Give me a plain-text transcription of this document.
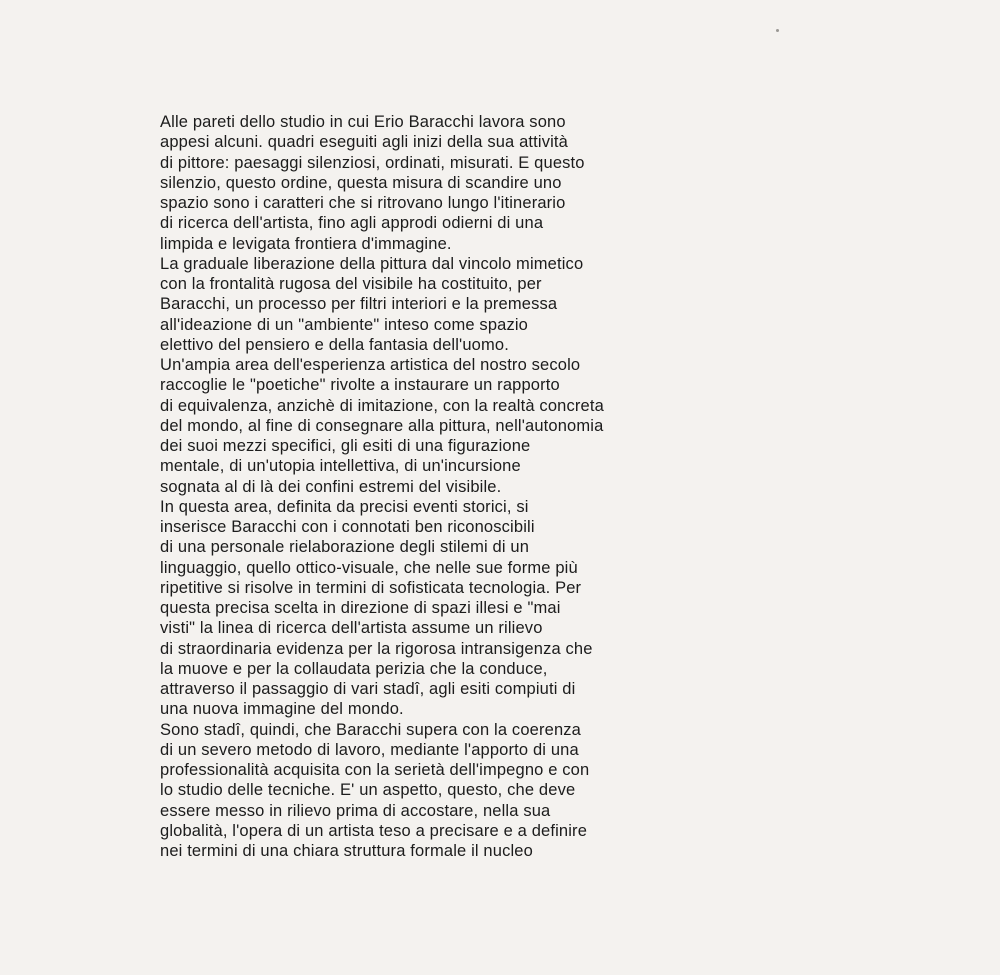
Alle pareti dello studio in cui Erio Baracchi lavora sono
appesi alcuni. quadri eseguiti agli inizi della sua attività
di pittore: paesaggi silenziosi, ordinati, misurati. E questo
silenzio, questo ordine, questa misura di scandire uno
spazio sono i caratteri che si ritrovano lungo l'itinerario
di ricerca dell'artista, fino agli approdi odierni di una
limpida e levigata frontiera d'immagine.
La graduale liberazione della pittura dal vincolo mimetico
con la frontalità rugosa del visibile ha costituito, per
Baracchi, un processo per filtri interiori e la premessa
all'ideazione di un "ambiente" inteso come spazio
elettivo del pensiero e della fantasia dell'uomo.
Un'ampia area dell'esperienza artistica del nostro secolo
raccoglie le "poetiche" rivolte a instaurare un rapporto
di equivalenza, anzichè di imitazione, con la realtà concreta
del mondo, al fine di consegnare alla pittura, nell'autonomia
dei suoi mezzi specifici, gli esiti di una figurazione
mentale, di un'utopia intellettiva, di un'incursione
sognata al di là dei confini estremi del visibile.
In questa area, definita da precisi eventi storici, si
inserisce Baracchi con i connotati ben riconoscibili
di una personale rielaborazione degli stilemi di un
linguaggio, quello ottico-visuale, che nelle sue forme più
ripetitive si risolve in termini di sofisticata tecnologia. Per
questa precisa scelta in direzione di spazi illesi e "mai
visti" la linea di ricerca dell'artista assume un rilievo
di straordinaria evidenza per la rigorosa intransigenza che
la muove e per la collaudata perizia che la conduce,
attraverso il passaggio di vari stadî, agli esiti compiuti di
una nuova immagine del mondo.
Sono stadî, quindi, che Baracchi supera con la coerenza
di un severo metodo di lavoro, mediante l'apporto di una
professionalità acquisita con la serietà dell'impegno e con
lo studio delle tecniche. E' un aspetto, questo, che deve
essere messo in rilievo prima di accostare, nella sua
globalità, l'opera di un artista teso a precisare e a definire
nei termini di una chiara struttura formale il nucleo
